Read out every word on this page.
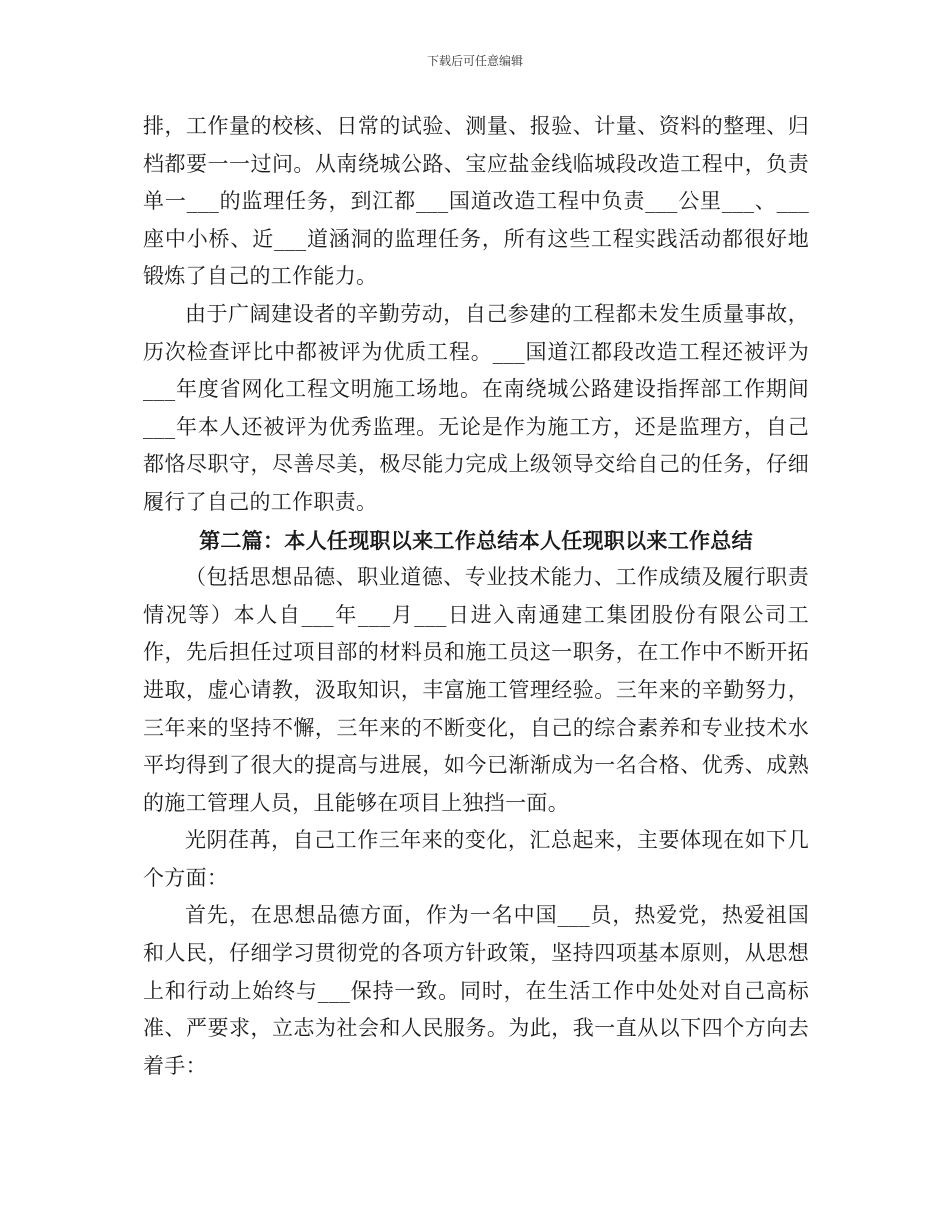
下载后可任意编辑

排，工作量的校核、日常的试验、测量、报验、计量、资料的整理、归档都要一一过问。从南绕城公路、宝应盐金线临城段改造工程中，负责单一___的监理任务，到江都___国道改造工程中负责___公里___、___座中小桥、近___道涵洞的监理任务，所有这些工程实践活动都很好地锻炼了自己的工作能力。

由于广阔建设者的辛勤劳动，自己参建的工程都未发生质量事故，历次检查评比中都被评为优质工程。___国道江都段改造工程还被评为___年度省网化工程文明施工场地。在南绕城公路建设指挥部工作期间___年本人还被评为优秀监理。无论是作为施工方，还是监理方，自己都恪尽职守，尽善尽美，极尽能力完成上级领导交给自己的任务，仔细履行了自己的工作职责。

第二篇：本人任现职以来工作总结本人任现职以来工作总结

（包括思想品德、职业道德、专业技术能力、工作成绩及履行职责情况等）本人自___年___月___日进入南通建工集团股份有限公司工作，先后担任过项目部的材料员和施工员这一职务，在工作中不断开拓进取，虚心请教，汲取知识，丰富施工管理经验。三年来的辛勤努力，三年来的坚持不懈，三年来的不断变化，自己的综合素养和专业技术水平均得到了很大的提高与进展，如今已渐渐成为一名合格、优秀、成熟的施工管理人员，且能够在项目上独挡一面。

光阴荏苒，自己工作三年来的变化，汇总起来，主要体现在如下几个方面：

首先，在思想品德方面，作为一名中国___员，热爱党，热爱祖国和人民，仔细学习贯彻党的各项方针政策，坚持四项基本原则，从思想上和行动上始终与___保持一致。同时，在生活工作中处处对自己高标准、严要求，立志为社会和人民服务。为此，我一直从以下四个方向去着手：
